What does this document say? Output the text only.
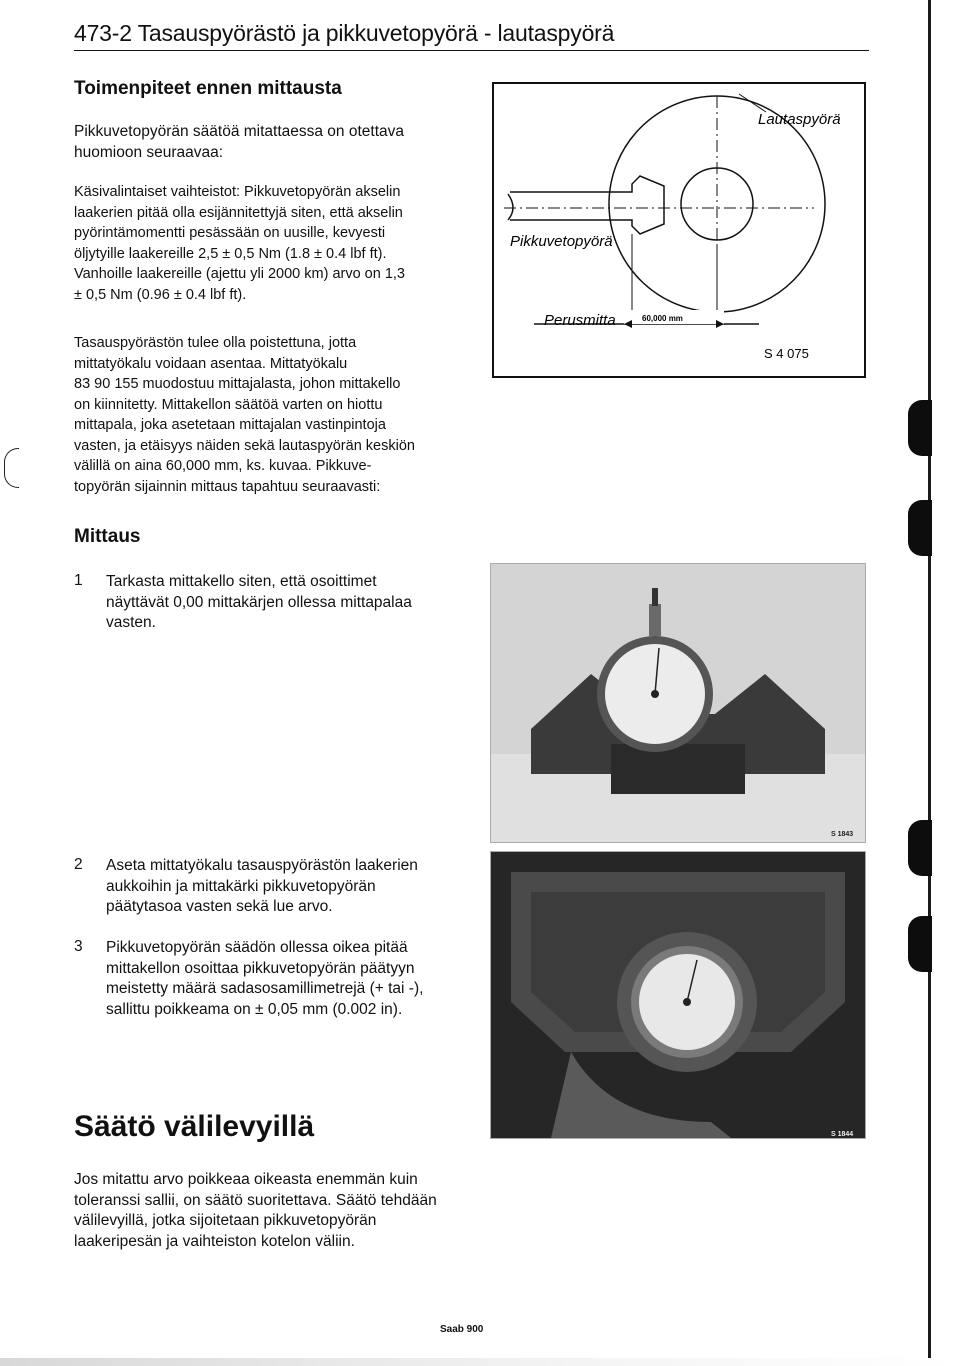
473-2 Tasauspyörästö ja pikkuvetopyörä - lautaspyörä
Toimenpiteet ennen mittausta
Pikkuvetopyörän säätöä mitattaessa on otettava
huomioon seuraavaa:
Käsivalintaiset vaihteistot: Pikkuvetopyörän akselin
laakerien pitää olla esijännitettyjä siten, että akselin
pyörintämomentti pesässään on uusille, kevyesti
öljytyille laakereille 2,5 ± 0,5 Nm (1.8 ± 0.4 lbf ft).
Vanhoille laakereille (ajettu yli 2000 km) arvo on 1,3
± 0,5 Nm (0.96 ± 0.4 lbf ft).
Tasauspyörästön tulee olla poistettuna, jotta
mittatyökalu voidaan asentaa. Mittatyökalu
83 90 155 muodostuu mittajalasta, johon mittakello
on kiinnitetty. Mittakellon säätöä varten on hiottu
mittapala, joka asetetaan mittajalan vastinpintoja
vasten, ja etäisyys näiden sekä lautaspyörän keskiön
välillä on aina 60,000 mm, ks. kuvaa. Pikkuve-
topyörän sijainnin mittaus tapahtuu seuraavasti:
Lautaspyörä
Pikkuvetopyörä
Perusmitta	60,000 mm
S 4 075
Mittaus
1 Tarkasta mittakello siten, että osoittimet
näyttävät 0,00 mittakärjen ollessa mittapalaa
vasten.
S 1843
2 Aseta mittatyökalu tasauspyörästön laakerien
aukkoihin ja mittakärki pikkuvetopyörän
päätytasoa vasten sekä lue arvo.
3 Pikkuvetopyörän säädön ollessa oikea pitää
mittakellon osoittaa pikkuvetopyörän päätyyn
meistetty määrä sadasosamillimetrejä (+ tai -),
sallittu poikkeama on ± 0,05 mm (0.002 in).
S 1844
Säätö välilevyillä
Jos mitattu arvo poikkeaa oikeasta enemmän kuin
toleranssi sallii, on säätö suoritettava. Säätö tehdään
välilevyillä, jotka sijoitetaan pikkuvetopyörän
laakeripesän ja vaihteiston kotelon väliin.
Saab 900
